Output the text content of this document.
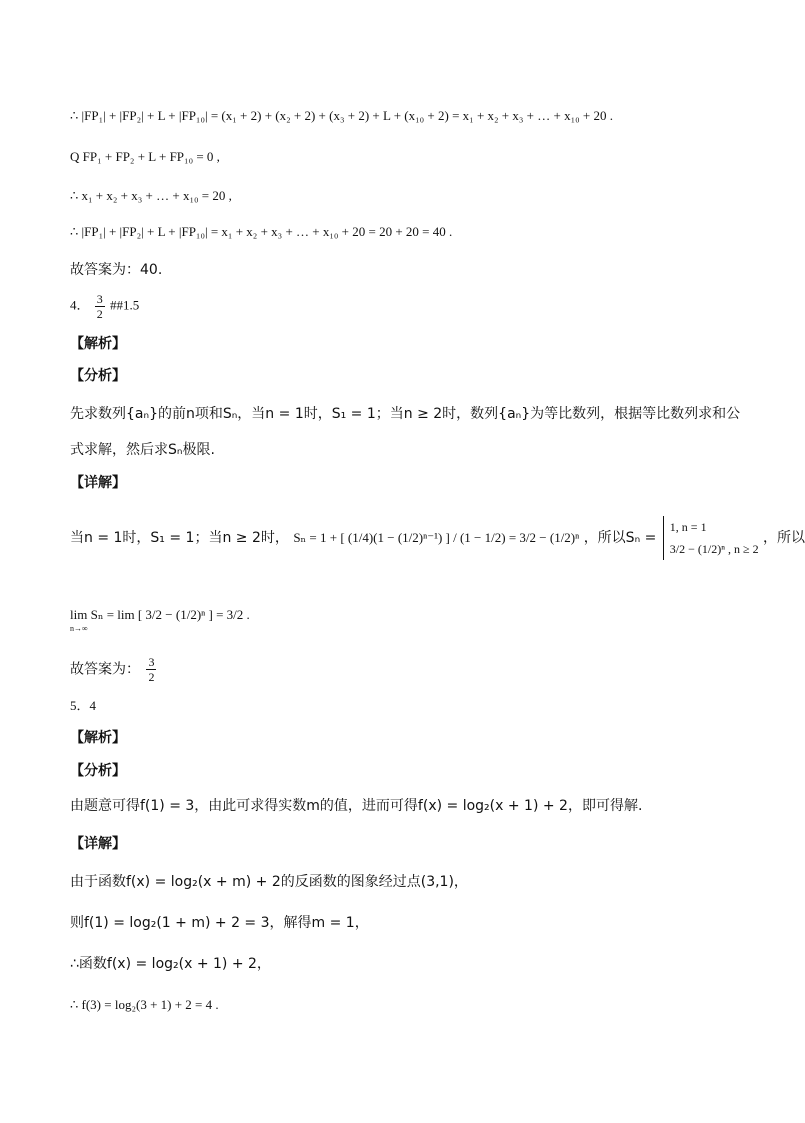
∴ |FP₁| + |FP₂| + L + |FP₁₀| = (x₁ + 2) + (x₂ + 2) + (x₃ + 2) + L + (x₁₀ + 2) = x₁ + x₂ + x₃ + … + x₁₀ + 20 .
Q FP₁ + FP₂ + L + FP₁₀ = 0 ,
∴ x₁ + x₂ + x₃ + … + x₁₀ = 20 ,
∴ |FP₁| + |FP₂| + L + |FP₁₀| = x₁ + x₂ + x₃ + … + x₁₀ + 20 = 20 + 20 = 40 .
故答案为：40.
4． $\frac{3}{2}$ ##1.5
【解析】
【分析】
先求数列{aₙ}的前n项和Sₙ，当n = 1时，S₁ = 1；当n ≥ 2时，数列{aₙ}为等比数列，根据等比数列求和公
式求解，然后求Sₙ极限.
【详解】
当n = 1时，S₁ = 1；当n ≥ 2时， Sₙ = 1 + [ (1/4)(1 − (1/2)ⁿ⁻¹) ] / (1 − 1/2) = 3/2 − (1/2)ⁿ ，所以Sₙ =
1, n = 1
3/2 − (1/2)ⁿ , n ≥ 2
，所以
lim Sₙ = lim [ 3/2 − (1/2)ⁿ ] = 3/2 .
n→∞
故答案为： $\frac{3}{2}$
5．4
【解析】
【分析】
由题意可得f(1) = 3，由此可求得实数m的值，进而可得f(x) = log₂(x + 1) + 2，即可得解.
【详解】
由于函数f(x) = log₂(x + m) + 2的反函数的图象经过点(3,1)，
则f(1) = log₂(1 + m) + 2 = 3，解得m = 1，
∴函数f(x) = log₂(x + 1) + 2，
∴ f(3) = log₂(3 + 1) + 2 = 4 .
